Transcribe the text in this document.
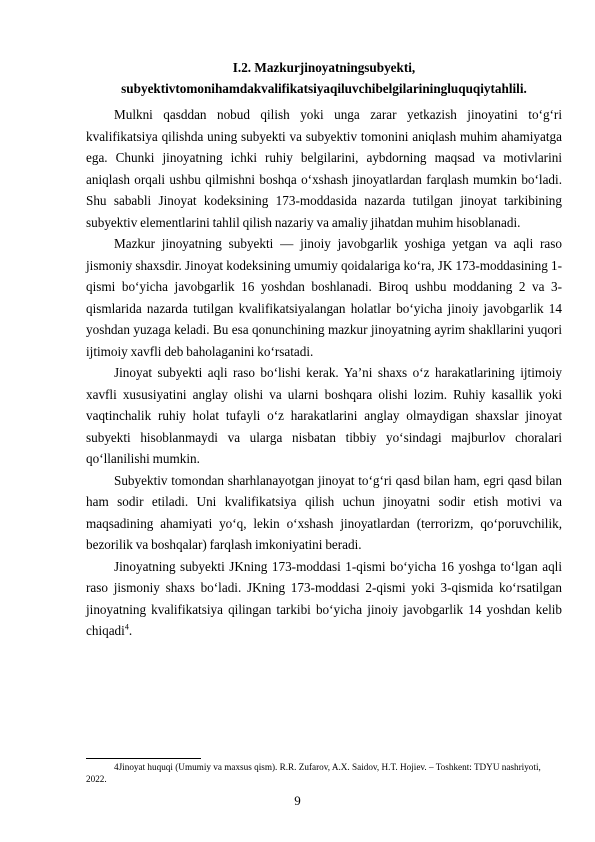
I.2. Mazkurjinoyatningsubyekti,
subyektivtomonihamdakvalifikatsiyaqiluvchibelgilariningluquqiytahlili.

Mulkni qasddan nobud qilish yoki unga zarar yetkazish jinoyatini to‘g‘ri kvalifikatsiya qilishda uning subyekti va subyektiv tomonini aniqlash muhim ahamiyatga ega. Chunki jinoyatning ichki ruhiy belgilarini, aybdorning maqsad va motivlarini aniqlash orqali ushbu qilmishni boshqa o‘xshash jinoyatlardan farqlash mumkin bo‘ladi. Shu sababli Jinoyat kodeksining 173-moddasida nazarda tutilgan jinoyat tarkibining subyektiv elementlarini tahlil qilish nazariy va amaliy jihatdan muhim hisoblanadi.

Mazkur jinoyatning subyekti — jinoiy javobgarlik yoshiga yetgan va aqli raso jismoniy shaxsdir. Jinoyat kodeksining umumiy qoidalariga ko‘ra, JK 173-moddasining 1-qismi bo‘yicha javobgarlik 16 yoshdan boshlanadi. Biroq ushbu moddaning 2 va 3-qismlarida nazarda tutilgan kvalifikatsiyalangan holatlar bo‘yicha jinoiy javobgarlik 14 yoshdan yuzaga keladi. Bu esa qonunchining mazkur jinoyatning ayrim shakllarini yuqori ijtimoiy xavfli deb baholaganini ko‘rsatadi.

Jinoyat subyekti aqli raso bo‘lishi kerak. Ya’ni shaxs o‘z harakatlarining ijtimoiy xavfli xususiyatini anglay olishi va ularni boshqara olishi lozim. Ruhiy kasallik yoki vaqtinchalik ruhiy holat tufayli o‘z harakatlarini anglay olmaydigan shaxslar jinoyat subyekti hisoblanmaydi va ularga nisbatan tibbiy yo‘sindagi majburlov choralari qo‘llanilishi mumkin.

Subyektiv tomondan sharhlanayotgan jinoyat to‘g‘ri qasd bilan ham, egri qasd bilan ham sodir etiladi. Uni kvalifikatsiya qilish uchun jinoyatni sodir etish motivi va maqsadining ahamiyati yo‘q, lekin o‘xshash jinoyatlardan (terrorizm, qo‘poruvchilik, bezorilik va boshqalar) farqlash imkoniyatini beradi.

Jinoyatning subyekti JKning 173-moddasi 1-qismi bo‘yicha 16 yoshga to‘lgan aqli raso jismoniy shaxs bo‘ladi. JKning 173-moddasi 2-qismi yoki 3-qismida ko‘rsatilgan jinoyatning kvalifikatsiya qilingan tarkibi bo‘yicha jinoiy javobgarlik 14 yoshdan kelib chiqadi$^4$.

4Jinoyat huquqi (Umumiy va maxsus qism). R.R. Zufarov, A.X. Saidov, H.T. Hojiev. – Toshkent: TDYU nashriyoti, 2022.
9
